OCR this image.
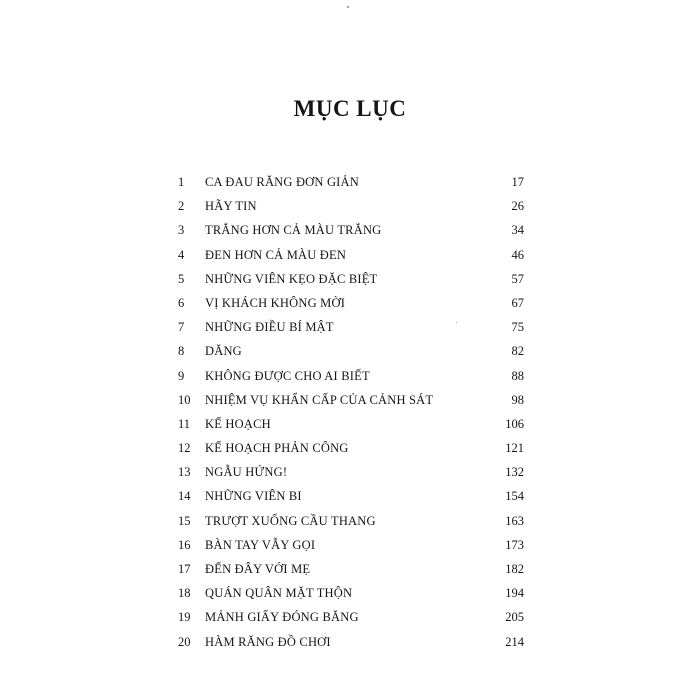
MỤC LỤC
1 CA ĐAU RĂNG ĐƠN GIẢN	17
2 HÃY TIN	26
3 TRẮNG HƠN CẢ MÀU TRẮNG	34
4 ĐEN HƠN CẢ MÀU ĐEN	46
5 NHỮNG VIÊN KẸO ĐẶC BIỆT	57
6 VỊ KHÁCH KHÔNG MỜI	67
7 NHỮNG ĐIỀU BÍ MẬT	75
8 DĂNG	82
9 KHÔNG ĐƯỢC CHO AI BIẾT	88
10 NHIỆM VỤ KHẨN CẤP CỦA CẢNH SÁT	98
11 KẾ HOẠCH	106
12 KẾ HOẠCH PHẢN CÔNG	121
13 NGẪU HỨNG!	132
14 NHỮNG VIÊN BI	154
15 TRƯỢT XUỐNG CẦU THANG	163
16 BÀN TAY VẪY GỌI	173
17 ĐẾN ĐÂY VỚI MẸ	182
18 QUÁN QUÂN MẶT THỘN	194
19 MẢNH GIẤY ĐÓNG BĂNG	205
20 HÀM RĂNG ĐỒ CHƠI	214
